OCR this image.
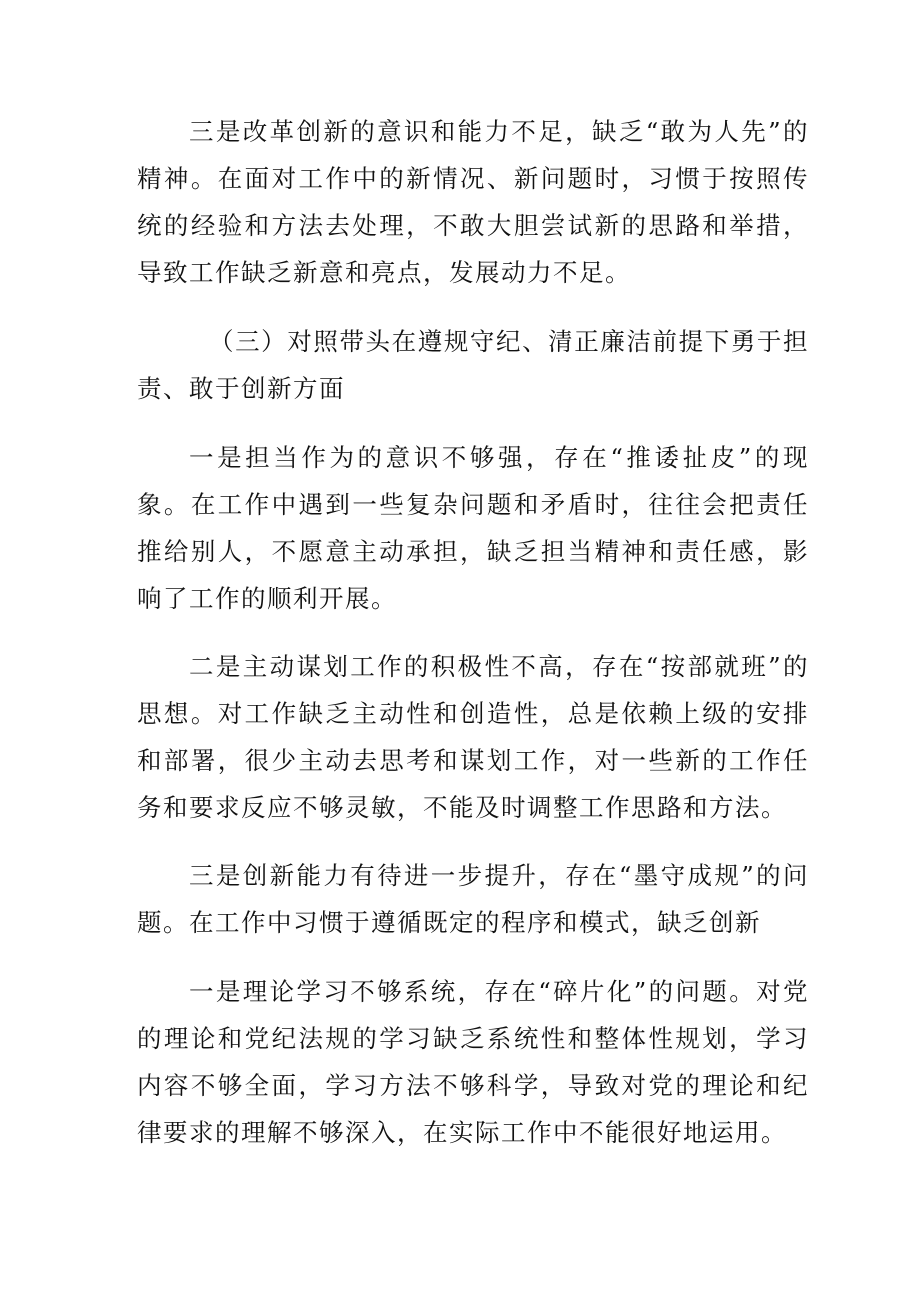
三是改革创新的意识和能力不足，缺乏“敢为人先”的精神。在面对工作中的新情况、新问题时，习惯于按照传统的经验和方法去处理，不敢大胆尝试新的思路和举措，导致工作缺乏新意和亮点，发展动力不足。

（三）对照带头在遵规守纪、清正廉洁前提下勇于担责、敢于创新方面

一是担当作为的意识不够强，存在“推诿扯皮”的现象。在工作中遇到一些复杂问题和矛盾时，往往会把责任推给别人，不愿意主动承担，缺乏担当精神和责任感，影响了工作的顺利开展。

二是主动谋划工作的积极性不高，存在“按部就班”的思想。对工作缺乏主动性和创造性，总是依赖上级的安排和部署，很少主动去思考和谋划工作，对一些新的工作任务和要求反应不够灵敏，不能及时调整工作思路和方法。

三是创新能力有待进一步提升，存在“墨守成规”的问题。在工作中习惯于遵循既定的程序和模式，缺乏创新

一是理论学习不够系统，存在“碎片化”的问题。对党的理论和党纪法规的学习缺乏系统性和整体性规划，学习内容不够全面，学习方法不够科学，导致对党的理论和纪律要求的理解不够深入，在实际工作中不能很好地运用。
